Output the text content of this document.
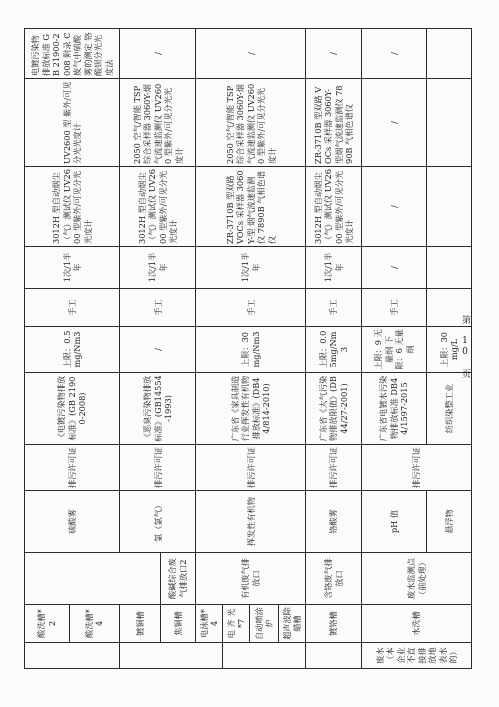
	酸洗槽*2		硫酸雾	排污许可证	《电镀污染物排放标准》(GB 21900-2008)	上限：0.5mg/Nm3	手工	1次/1半年	3012H 型自动烟尘（气）测试仪 UV2600 型紫外/可见分光光度计	UV2600 型 紫外/可见分光光度计	电镀污染物排放标准 GB 21900-2008 附录 C 废气中硫酸雾的测定 铬酸钡分光光度法
	酸洗槽*4										
	镀铜槽		氯（氯气）	排污许可证	《恶臭污染物排放标准》(GB14554-1993)	/	手工	1次/1半年	3012H 型自动烟尘（气）测试仪 UV2600 型紫外/可见分光光度计	2050 空气/智能 TSP 综合采样器 3060Y-烟气流速监测仪 UV2600 型紫外/可见分光光度计	/
	焦铜槽	酸碱综合废气排放口2									
	电泳槽*4	有机废气排放口	挥发性有机物	排污许可证	广东省《家具制造行业挥发性有机物排放标准》(DB44/814-2010)	上限：30mg/Nm3	手工	1次/1半年	ZR-3710B 型双路 VOCs 采样器 3060Y-型 烟气流速监测仪 7890B 气相色谱仪	2050 空气/智能 TSP 综合采样器 3060Y-烟气流速监测仪 UV2600 型紫外/可见分光光度计	/
	电 齐 光 *7										
	自动喷涂炉										
	超声波除蜡槽										
	镀铬槽	含铬废气排放口	铬酸雾	排污许可证	广东省《大气污染物排放限值》(DB44/27-2001)	上限：0.05mg/Nm3	手工	1次/1半年	3012H 型自动烟尘（气）测试仪 UV2600 型紫外/可见分光光度计	ZR-3710B 型双路 VOCs 采样器 3060Y-型烟气流速监测仪 7890B 气相色谱仪	/
废水（本企业不直接排放地表水的）	水洗槽	废水监测点（前处理）	pH 值	排污许可证	广东省电镀水污染物排放标准 DB44/1597-2015	上限：9 无量纲 下限：6 无量纲	手工	/	/	/	/
			悬浮物		纺织染整工业	上限：30mg/L					第 10 页
